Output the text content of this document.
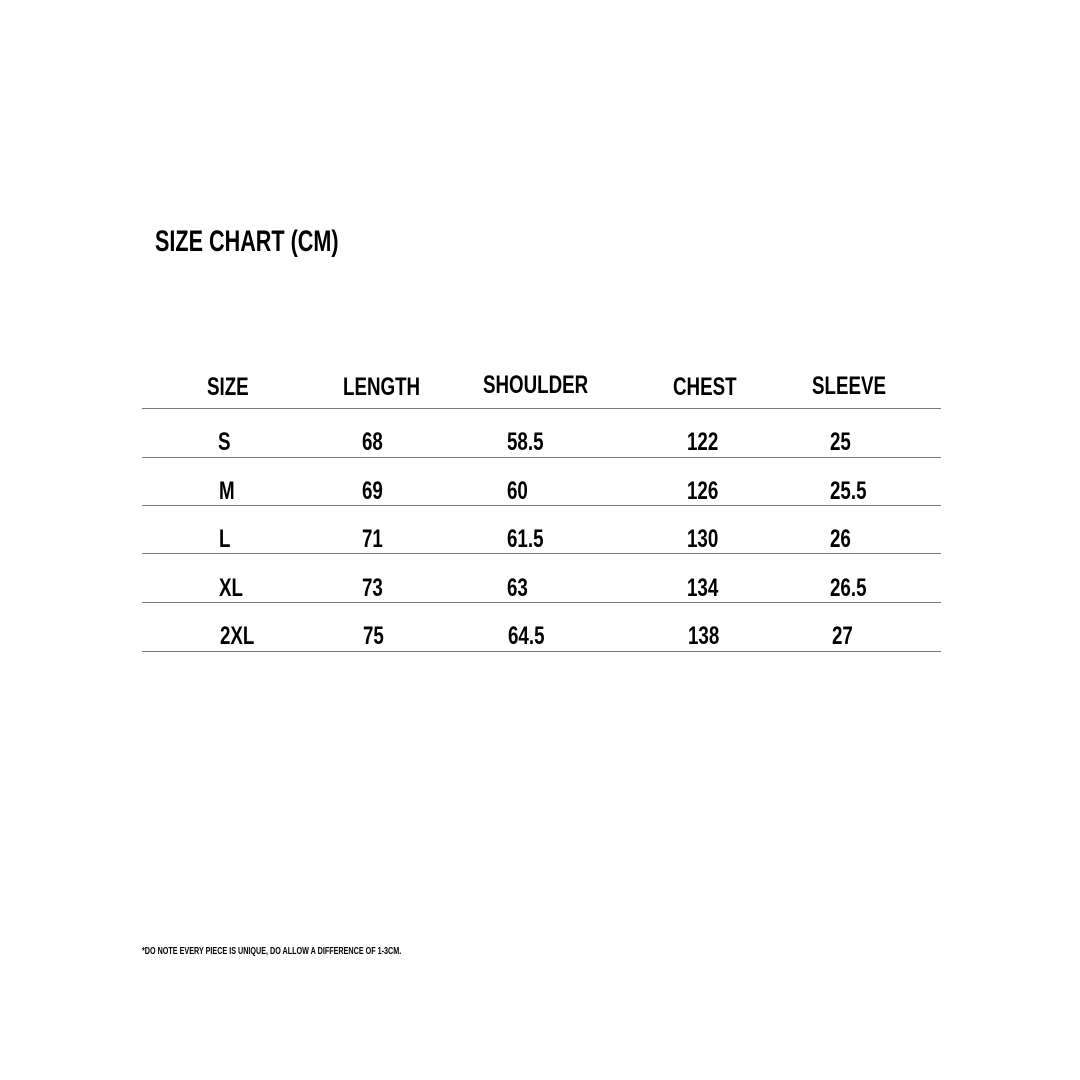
SIZE CHART (CM)
SIZE	LENGTH	SHOULDER	CHEST	SLEEVE
S	68	58.5	122	25
M	69	60	126	25.5
L	71	61.5	130	26
XL	73	63	134	26.5
2XL	75	64.5	138	27
*DO NOTE EVERY PIECE IS UNIQUE, DO ALLOW A DIFFERENCE OF 1-3CM.
